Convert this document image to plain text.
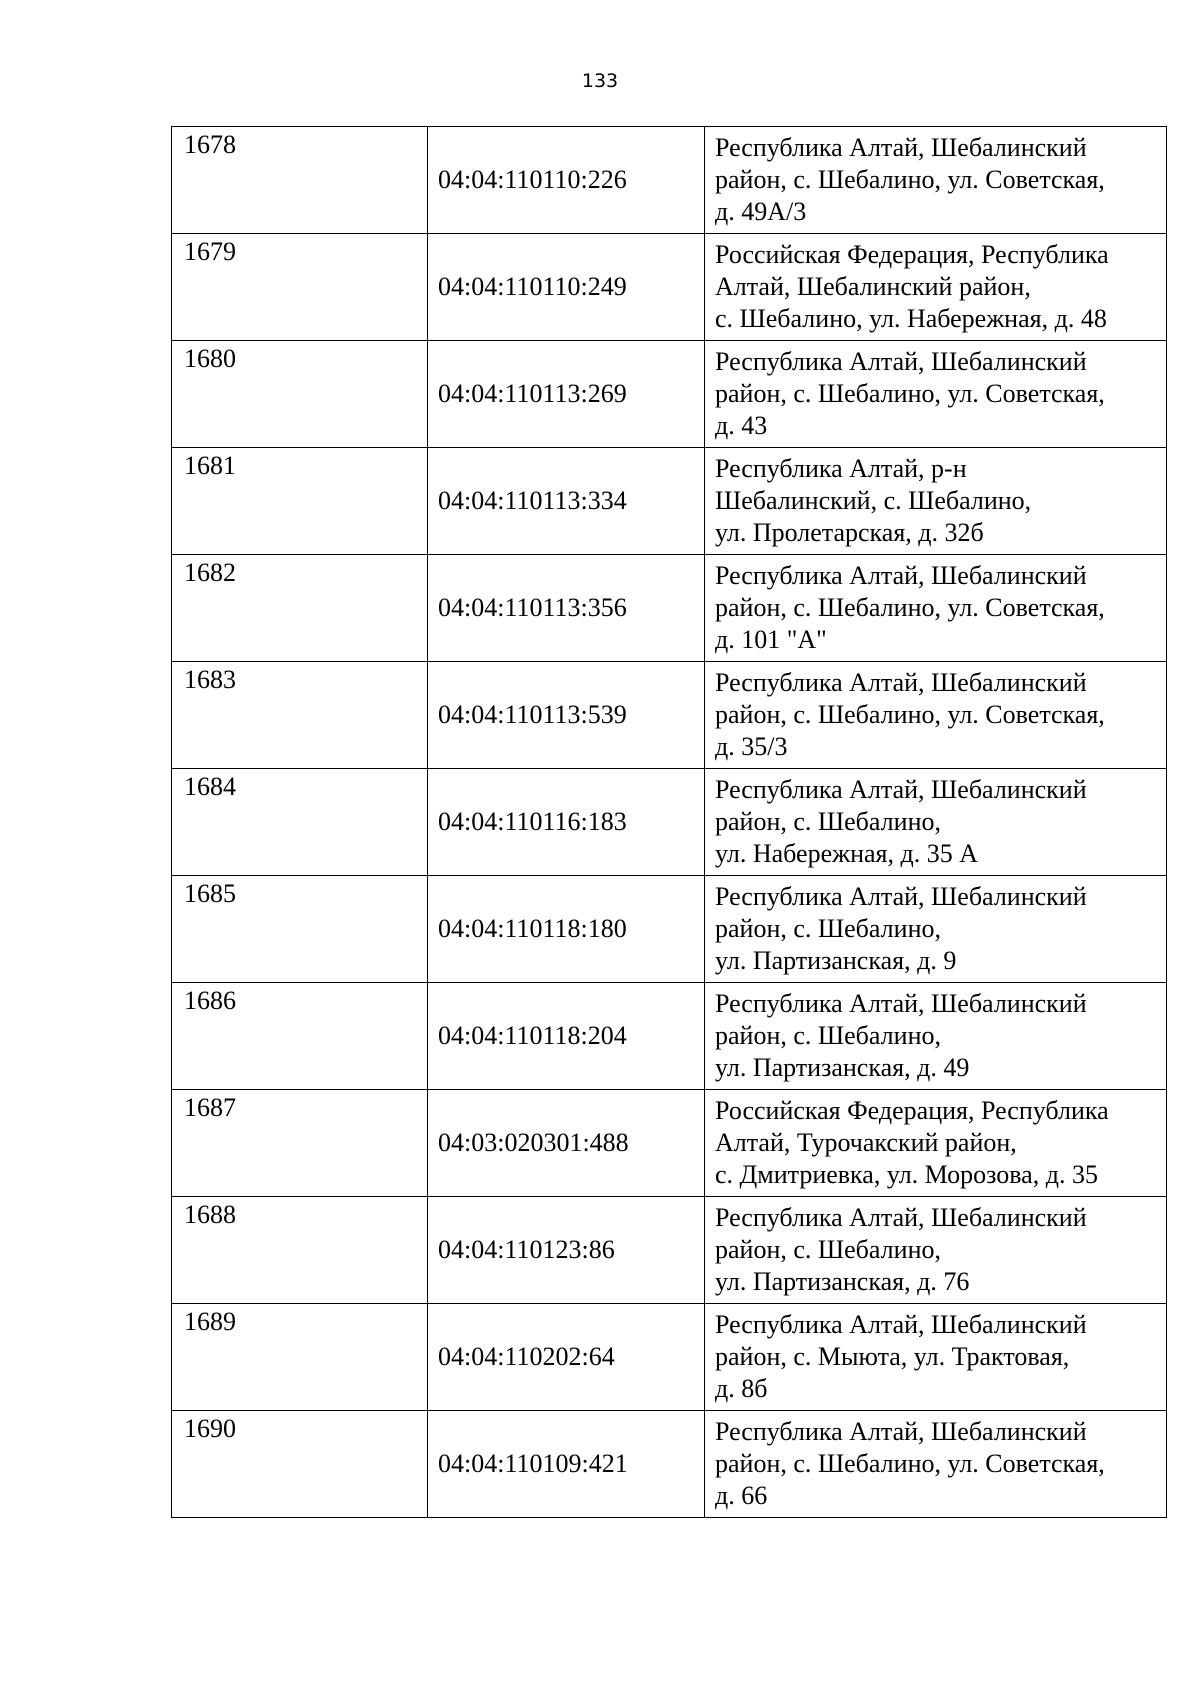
133
1678	04:04:110110:226	Республика Алтай, Шебалинский
район, с. Шебалино, ул. Советская,
д. 49А/3

1679	04:04:110110:249	Российская Федерация, Республика
Алтай, Шебалинский район,
с. Шебалино, ул. Набережная, д. 48

1680	04:04:110113:269	Республика Алтай, Шебалинский
район, с. Шебалино, ул. Советская,
д. 43

1681	04:04:110113:334	Республика Алтай, р-н
Шебалинский, с. Шебалино,
ул. Пролетарская, д. 32б

1682	04:04:110113:356	Республика Алтай, Шебалинский
район, с. Шебалино, ул. Советская,
д. 101 "А"

1683	04:04:110113:539	Республика Алтай, Шебалинский
район, с. Шебалино, ул. Советская,
д. 35/3

1684	04:04:110116:183	Республика Алтай, Шебалинский
район, с. Шебалино,
ул. Набережная, д. 35 А

1685	04:04:110118:180	Республика Алтай, Шебалинский
район, с. Шебалино,
ул. Партизанская, д. 9

1686	04:04:110118:204	Республика Алтай, Шебалинский
район, с. Шебалино,
ул. Партизанская, д. 49

1687	04:03:020301:488	Российская Федерация, Республика
Алтай, Турочакский район,
с. Дмитриевка, ул. Морозова, д. 35

1688	04:04:110123:86	Республика Алтай, Шебалинский
район, с. Шебалино,
ул. Партизанская, д. 76

1689	04:04:110202:64	Республика Алтай, Шебалинский
район, с. Мыюта, ул. Трактовая,
д. 8б

1690	04:04:110109:421	Республика Алтай, Шебалинский
район, с. Шебалино, ул. Советская,
д. 66
